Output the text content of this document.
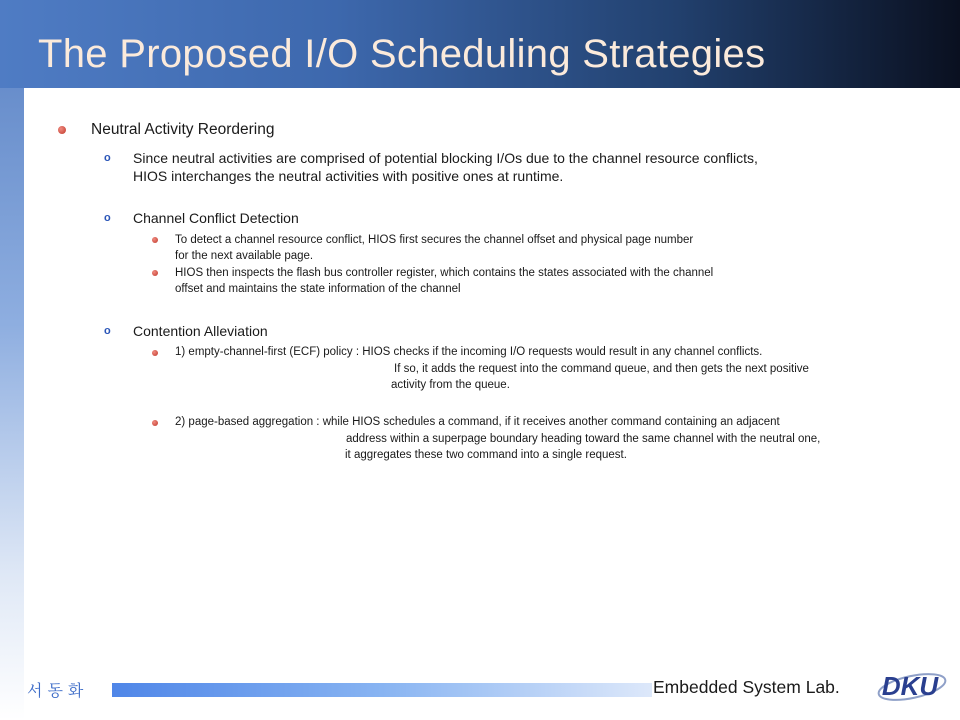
The Proposed I/O Scheduling Strategies
Neutral Activity Reordering
o Since neutral activities are comprised of potential blocking I/Os due to the channel resource conflicts,
HIOS interchanges the neutral activities with positive ones at runtime.
o Channel Conflict Detection
To detect a channel resource conflict, HIOS first secures the channel offset and physical page number
for the next available page.
HIOS then inspects the flash bus controller register, which contains the states associated with the channel
offset and maintains the state information of the channel
o Contention Alleviation
1) empty-channel-first (ECF) policy : HIOS checks if the incoming I/O requests would result in any channel conflicts.
If so, it adds the request into the command queue, and then gets the next positive
activity from the queue.
2) page-based aggregation : while HIOS schedules a command, if it receives another command containing an adjacent
address within a superpage boundary heading toward the same channel with the neutral one,
it aggregates these two command into a single request.
서동화	Embedded System Lab. DKU
